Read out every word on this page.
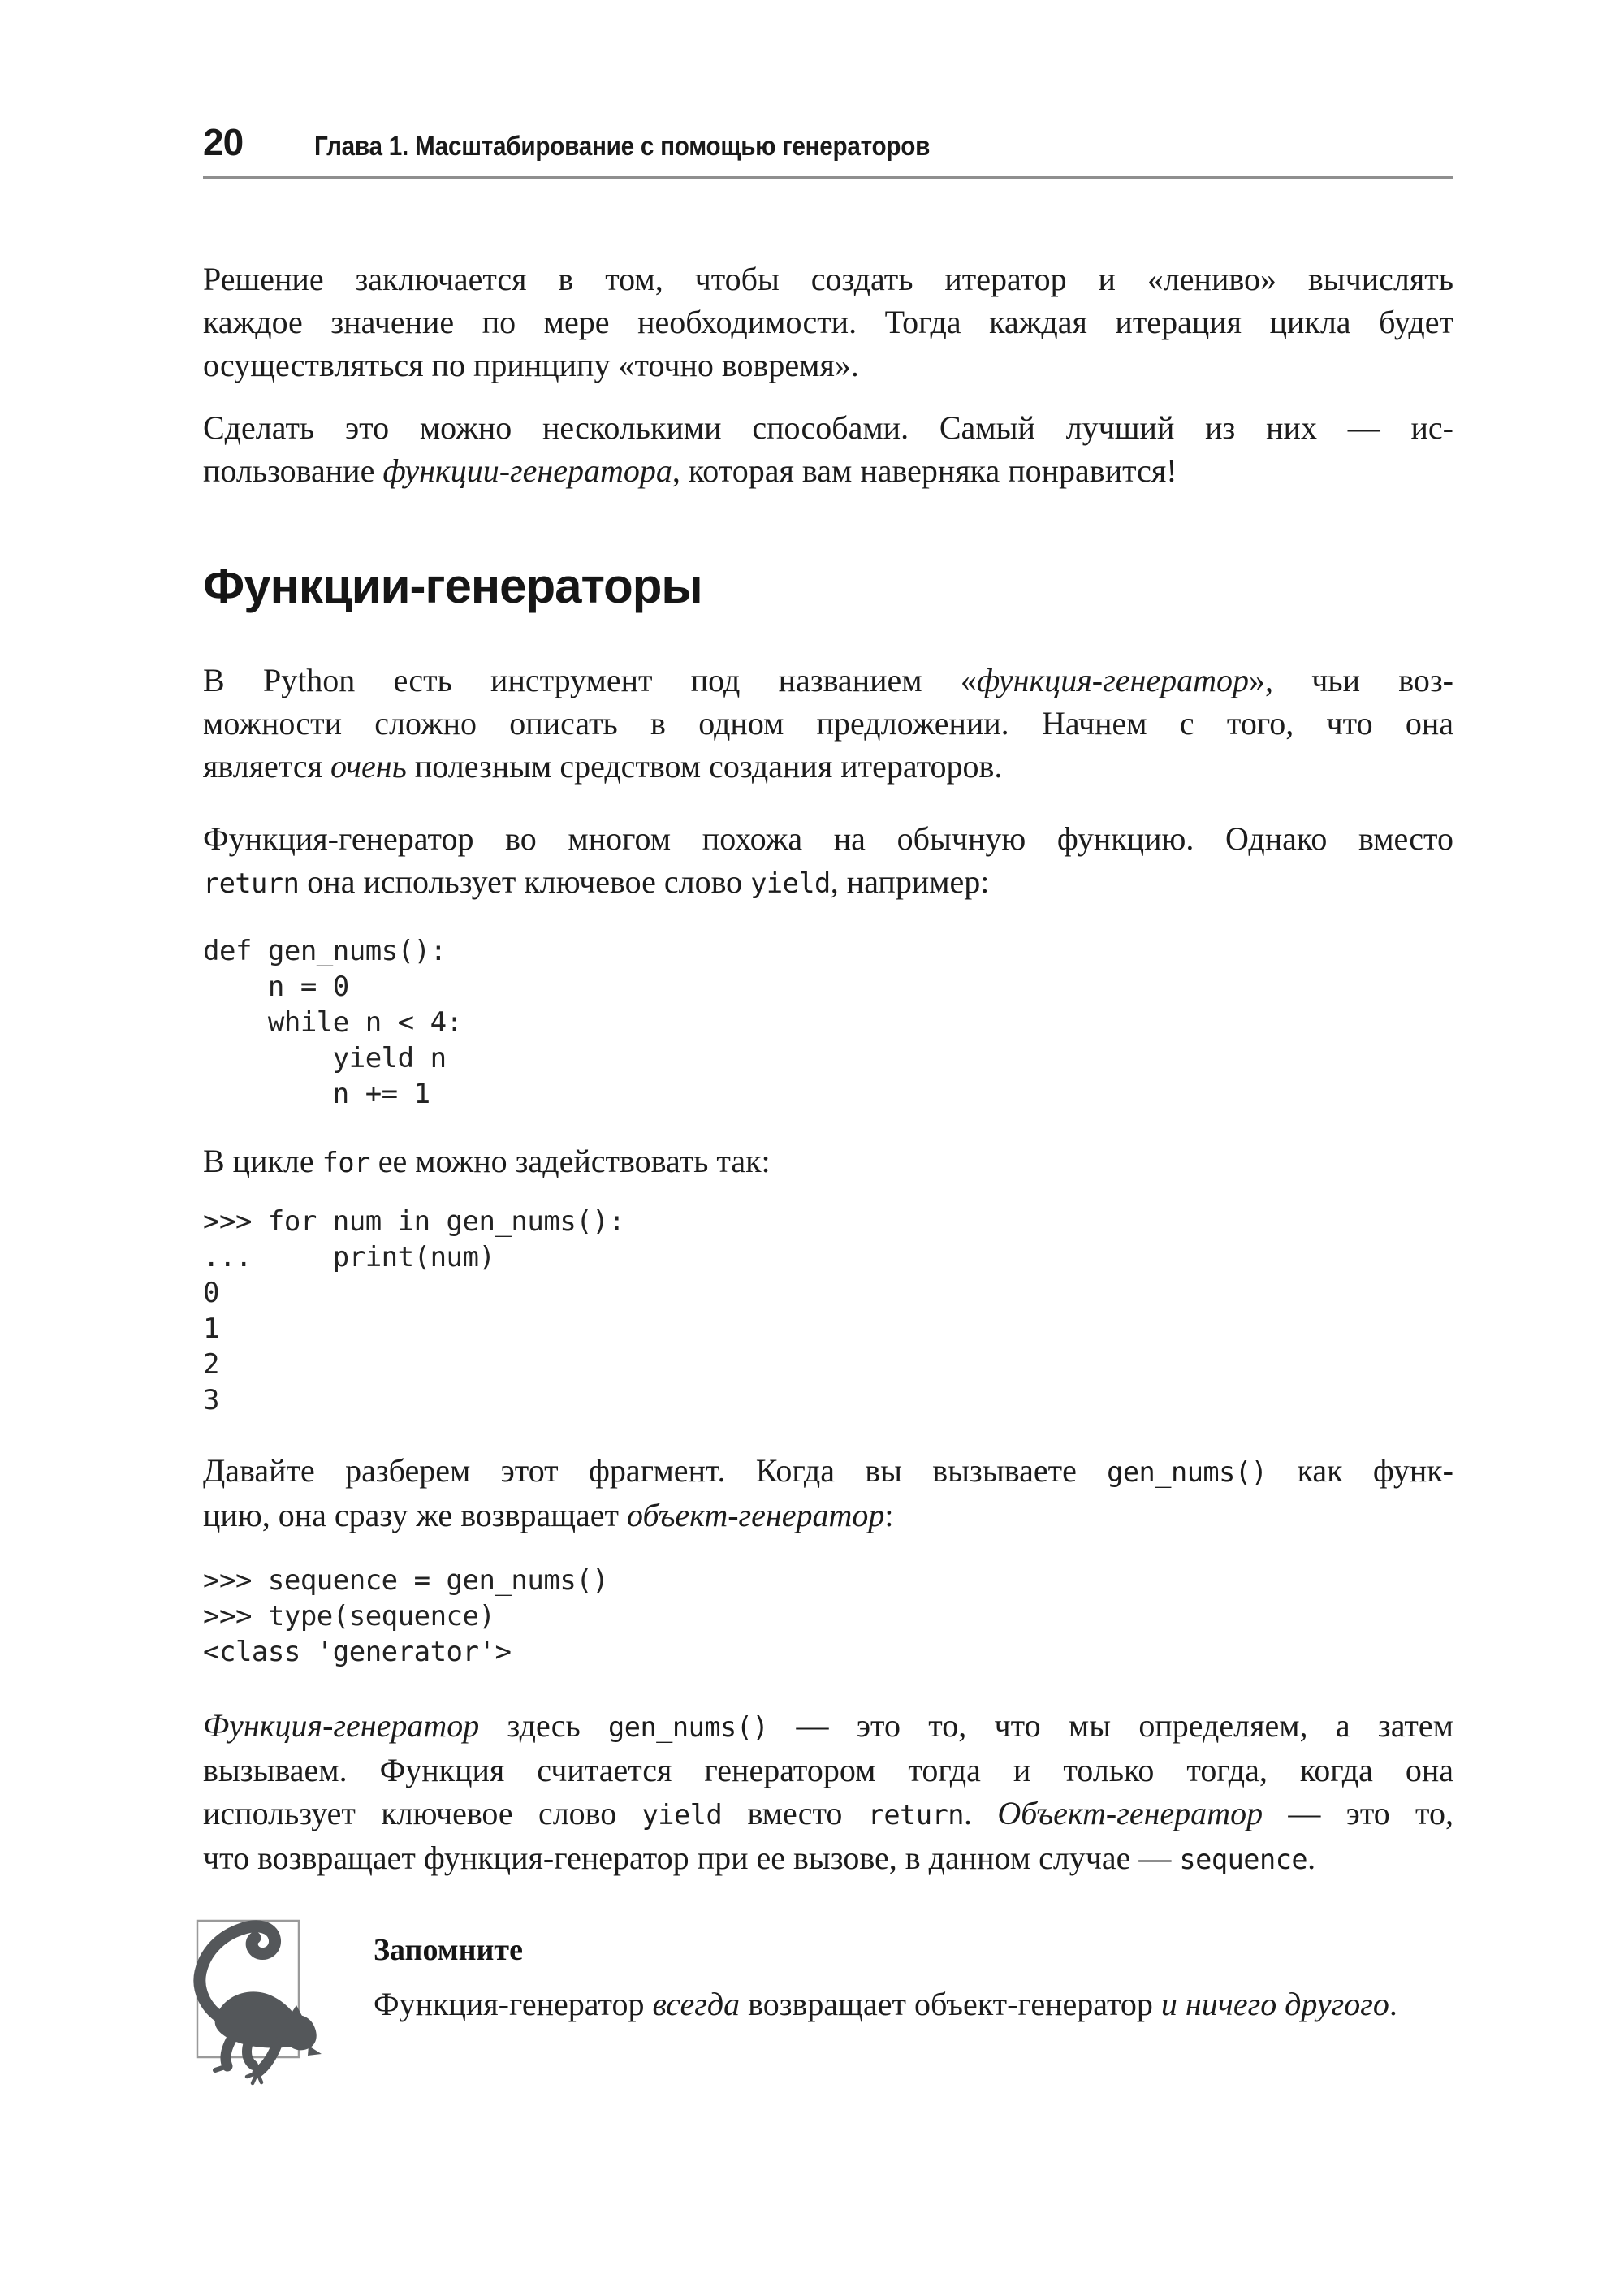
20	Глава 1. Масштабирование с помощью генераторов
Решение заключается в том, чтобы создать итератор и «лениво» вычислять
каждое значение по мере необходимости. Тогда каждая итерация цикла будет
осуществляться по принципу «точно вовремя».
Сделать это можно несколькими способами. Самый лучший из них — ис-
пользование функции-генератора, которая вам наверняка понравится!
Функции-генераторы
В Python есть инструмент под названием «функция-генератор», чьи воз-
можности сложно описать в одном предложении. Начнем с того, что она
является очень полезным средством создания итераторов.
Функция-генератор во многом похожа на обычную функцию. Однако вместо
return она использует ключевое слово yield, например:
def gen_nums():
n = 0
while n < 4:
yield n
n += 1
В цикле for ее можно задействовать так:
>>> for num in gen_nums():
...     print(num)
0
1
2
3
Давайте разберем этот фрагмент. Когда вы вызываете gen_nums() как функ-
цию, она сразу же возвращает объект-генератор:
>>> sequence = gen_nums()
>>> type(sequence)
<class 'generator'>
Функция-генератор здесь gen_nums() — это то, что мы определяем, а затем
вызываем. Функция считается генератором тогда и только тогда, когда она
использует ключевое слово yield вместо return. Объект-генератор — это то,
что возвращает функция-генератор при ее вызове, в данном случае — sequence.
Запомните
Функция-генератор всегда возвращает объект-генератор и ничего другого.
